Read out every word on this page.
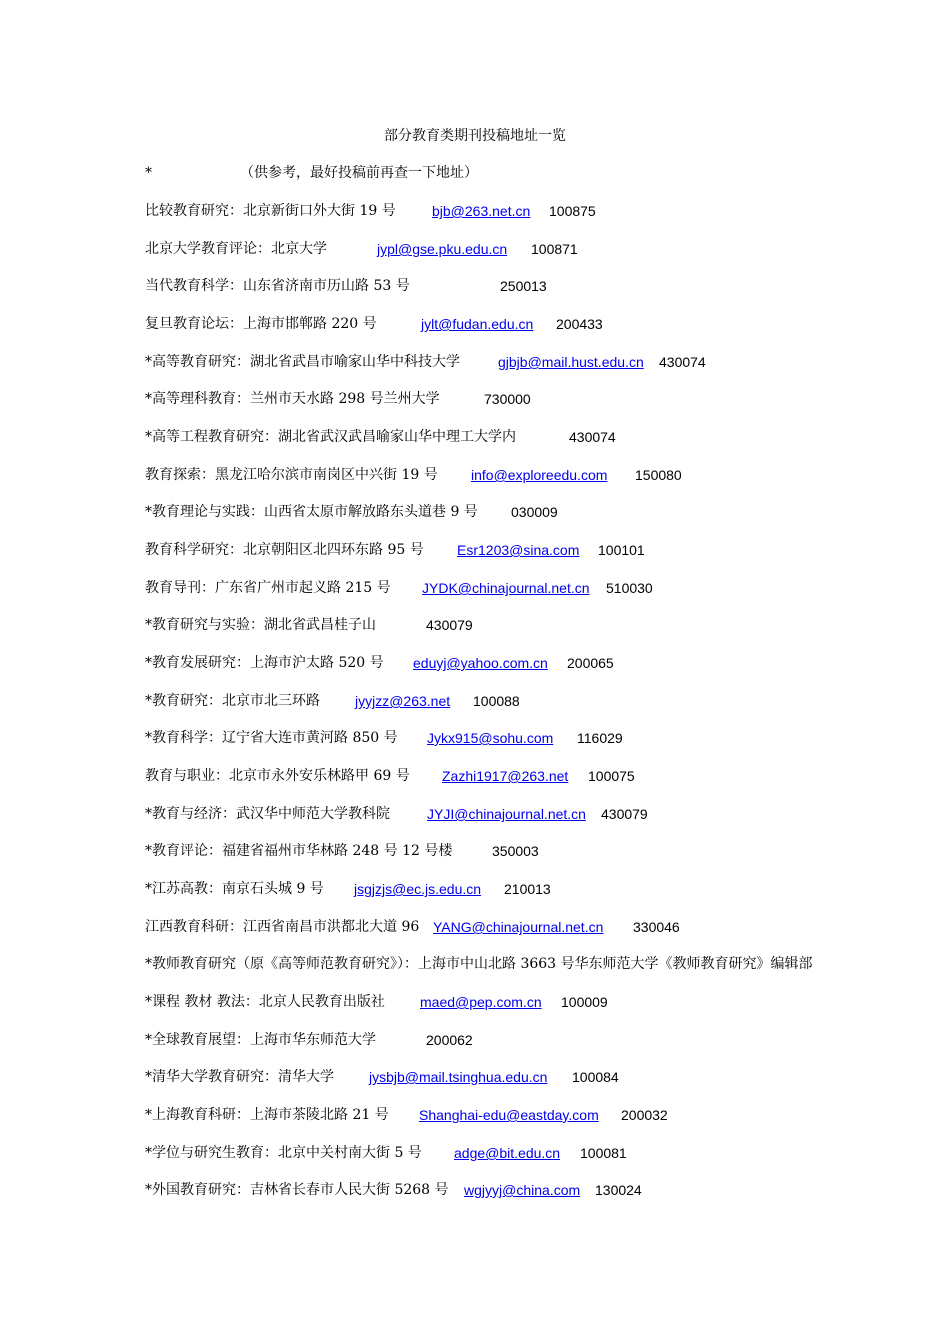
部分教育类期刊投稿地址一览
*	（供参考，最好投稿前再查一下地址）
比较教育研究：北京新街口外大街 19 号	bjb@263.net.cn 100875
北京大学教育评论：北京大学	jypl@gse.pku.edu.cn 100871
当代教育科学：山东省济南市历山路 53 号	250013
复旦教育论坛：上海市邯郸路 220 号	jylt@fudan.edu.cn 200433
*高等教育研究：湖北省武昌市喻家山华中科技大学	gjbjb@mail.hust.edu.cn 430074
*高等理科教育：兰州市天水路 298 号兰州大学	730000
*高等工程教育研究：湖北省武汉武昌喻家山华中理工大学内	430074
教育探索：黑龙江哈尔滨市南岗区中兴街 19 号 info@exploreedu.com 150080
*教育理论与实践：山西省太原市解放路东头道巷 9 号 030009
教育科学研究：北京朝阳区北四环东路 95 号 Esr1203@sina.com 100101
教育导刊：广东省广州市起义路 215 号 JYDK@chinajournal.net.cn 510030
*教育研究与实验：湖北省武昌桂子山	430079
*教育发展研究：上海市沪太路 520 号 eduyj@yahoo.com.cn 200065
*教育研究：北京市北三环路	jyyjzz@263.net 100088
*教育科学：辽宁省大连市黄河路 850 号 Jykx915@sohu.com 116029
教育与职业：北京市永外安乐林路甲 69 号 Zazhi1917@263.net 100075
*教育与经济：武汉华中师范大学教科院	JYJI@chinajournal.net.cn 430079
*教育评论：福建省福州市华林路 248 号 12 号楼	350003
*江苏高教：南京石头城 9 号 jsgjzjs@ec.js.edu.cn 210013
江西教育科研：江西省南昌市洪都北大道 96 YANG@chinajournal.net.cn 330046
*教师教育研究（原《高等师范教育研究》）：上海市中山北路 3663 号华东师范大学《教师教育研究》编辑部
*课程 教材 教法：北京人民教育出版社	maed@pep.com.cn 100009
*全球教育展望：上海市华东师范大学	200062
*清华大学教育研究：清华大学	jysbjb@mail.tsinghua.edu.cn 100084
*上海教育科研：上海市茶陵北路 21 号 Shanghai-edu@eastday.com 200032
*学位与研究生教育：北京中关村南大街 5 号 adge@bit.edu.cn 100081
*外国教育研究：吉林省长春市人民大街 5268 号 wgjyyj@china.com 130024
